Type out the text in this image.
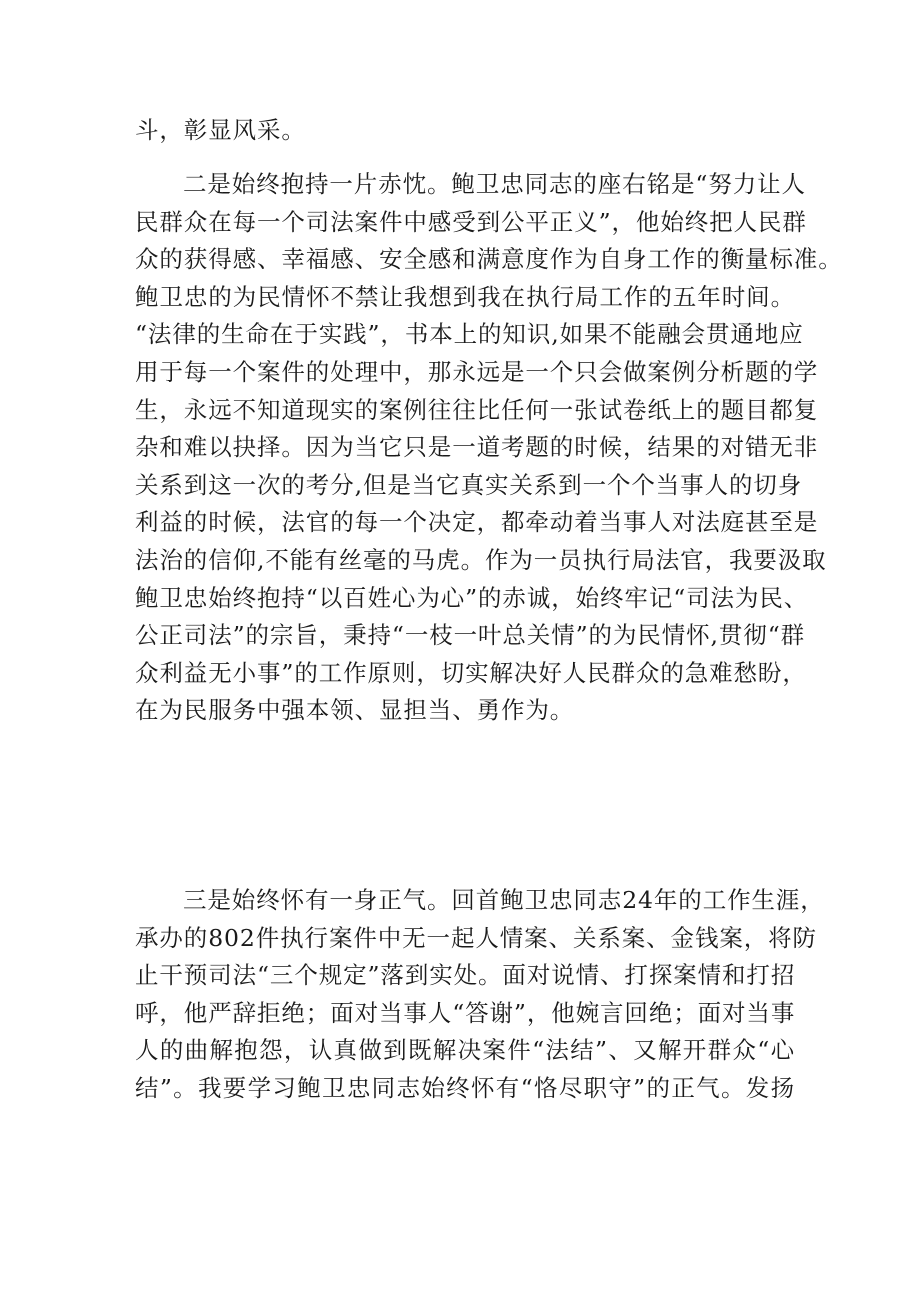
斗，彰显风采。

二是始终抱持一片赤忱。鲍卫忠同志的座右铭是“努力让人
民群众在每一个司法案件中感受到公平正义”，他始终把人民群
众的获得感、幸福感、安全感和满意度作为自身工作的衡量标准。
鲍卫忠的为民情怀不禁让我想到我在执行局工作的五年时间。
“法律的生命在于实践”，书本上的知识,如果不能融会贯通地应
用于每一个案件的处理中，那永远是一个只会做案例分析题的学
生，永远不知道现实的案例往往比任何一张试卷纸上的题目都复
杂和难以抉择。因为当它只是一道考题的时候，结果的对错无非
关系到这一次的考分,但是当它真实关系到一个个当事人的切身
利益的时候，法官的每一个决定，都牵动着当事人对法庭甚至是
法治的信仰,不能有丝毫的马虎。作为一员执行局法官，我要汲取
鲍卫忠始终抱持“以百姓心为心”的赤诚，始终牢记“司法为民、
公正司法”的宗旨，秉持“一枝一叶总关情”的为民情怀,贯彻“群
众利益无小事”的工作原则，切实解决好人民群众的急难愁盼，
在为民服务中强本领、显担当、勇作为。

三是始终怀有一身正气。回首鲍卫忠同志24年的工作生涯，
承办的802件执行案件中无一起人情案、关系案、金钱案，将防
止干预司法“三个规定”落到实处。面对说情、打探案情和打招
呼，他严辞拒绝；面对当事人“答谢”，他婉言回绝；面对当事
人的曲解抱怨，认真做到既解决案件“法结”、又解开群众“心
结”。我要学习鲍卫忠同志始终怀有“恪尽职守”的正气。发扬
